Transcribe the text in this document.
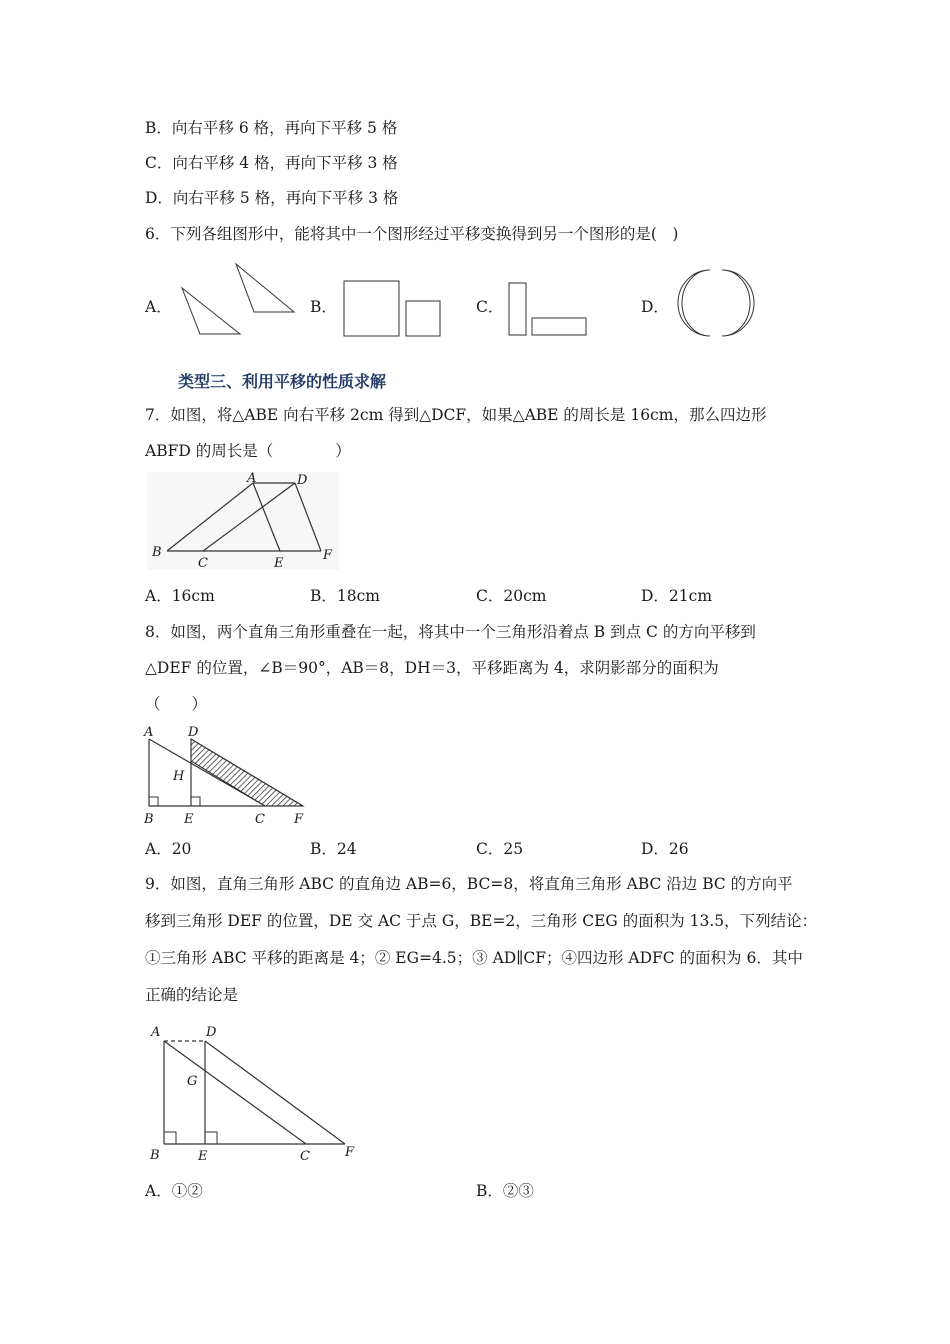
B．向右平移 6 格，再向下平移 5 格
C．向右平移 4 格，再向下平移 3 格
D．向右平移 5 格，再向下平移 3 格
6．下列各组图形中，能将其中一个图形经过平移变换得到另一个图形的是(　)
A．	B．	C．	D．
类型三、利用平移的性质求解
7．如图，将△ABE 向右平移 2cm 得到△DCF，如果△ABE 的周长是 16cm，那么四边形
ABFD 的周长是（　　　　）
A	D
B
C	E
F
A．16cm	B．18cm	C．20cm	D．21cm
8．如图，两个直角三角形重叠在一起，将其中一个三角形沿着点 B 到点 C 的方向平移到
△DEF 的位置，∠B＝90°，AB＝8，DH＝3，平移距离为 4，求阴影部分的面积为
（　　）
A	D
H
B E	C F
A．20	B．24	C．25	D．26
9．如图，直角三角形 ABC 的直角边 AB=6，BC=8，将直角三角形 ABC 沿边 BC 的方向平
移到三角形 DEF 的位置，DE 交 AC 于点 G，BE=2，三角形 CEG 的面积为 13.5，下列结论：
①三角形 ABC 平移的距离是 4；② EG=4.5；③ AD∥CF；④四边形 ADFC 的面积为 6．其中
正确的结论是
A	D
G
B	E	C	F
A．①②	B．②③
